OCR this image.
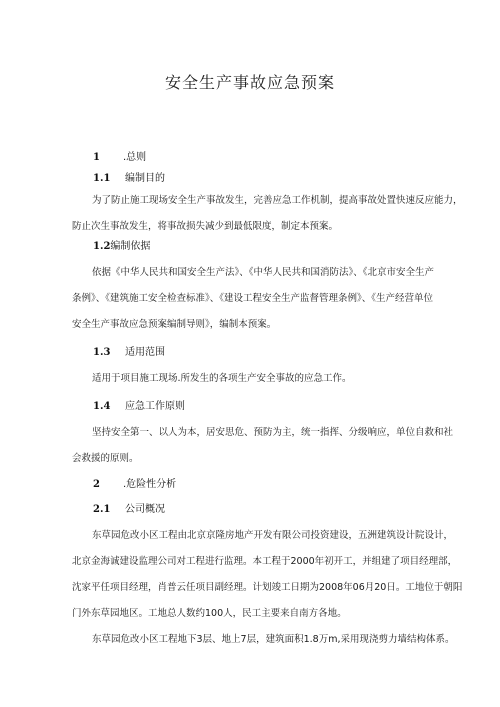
安全生产事故应急预案
1 .总则
1.1 编制目的
为了防止施工现场安全生产事故发生，完善应急工作机制，提高事故处置快速反应能力，
防止次生事故发生，将事故损失减少到最低限度，制定本预案。
1.2编制依据
依据《中华人民共和国安全生产法》、《中华人民共和国消防法》、《北京市安全生产
条例》、《建筑施工安全检查标准》、《建设工程安全生产监督管理条例》、《生产经营单位
安全生产事故应急预案编制导则》，编制本预案。
1.3 适用范围
适用于项目施工现场.所发生的各项生产安全事故的应急工作。
1.4 应急工作原则
坚持安全第一、以人为本，居安思危、预防为主，统一指挥、分级响应，单位自救和社
会救援的原则。
2 .危险性分析
2.1 公司概况
东草园危改小区工程由北京京隆房地产开发有限公司投资建设，五洲建筑设计院设计，
北京金海诚建设监理公司对工程进行监理。本工程于2000年初开工，并组建了项目经理部，
沈家平任项目经理，肖普云任项目副经理。计划竣工日期为2008年06月20日。工地位于朝阳
门外东草园地区。工地总人数约100人，民工主要来自南方各地。
东草园危改小区工程地下3层、地上7层，建筑面积1.8万m,采用现浇剪力墙结构体系。
